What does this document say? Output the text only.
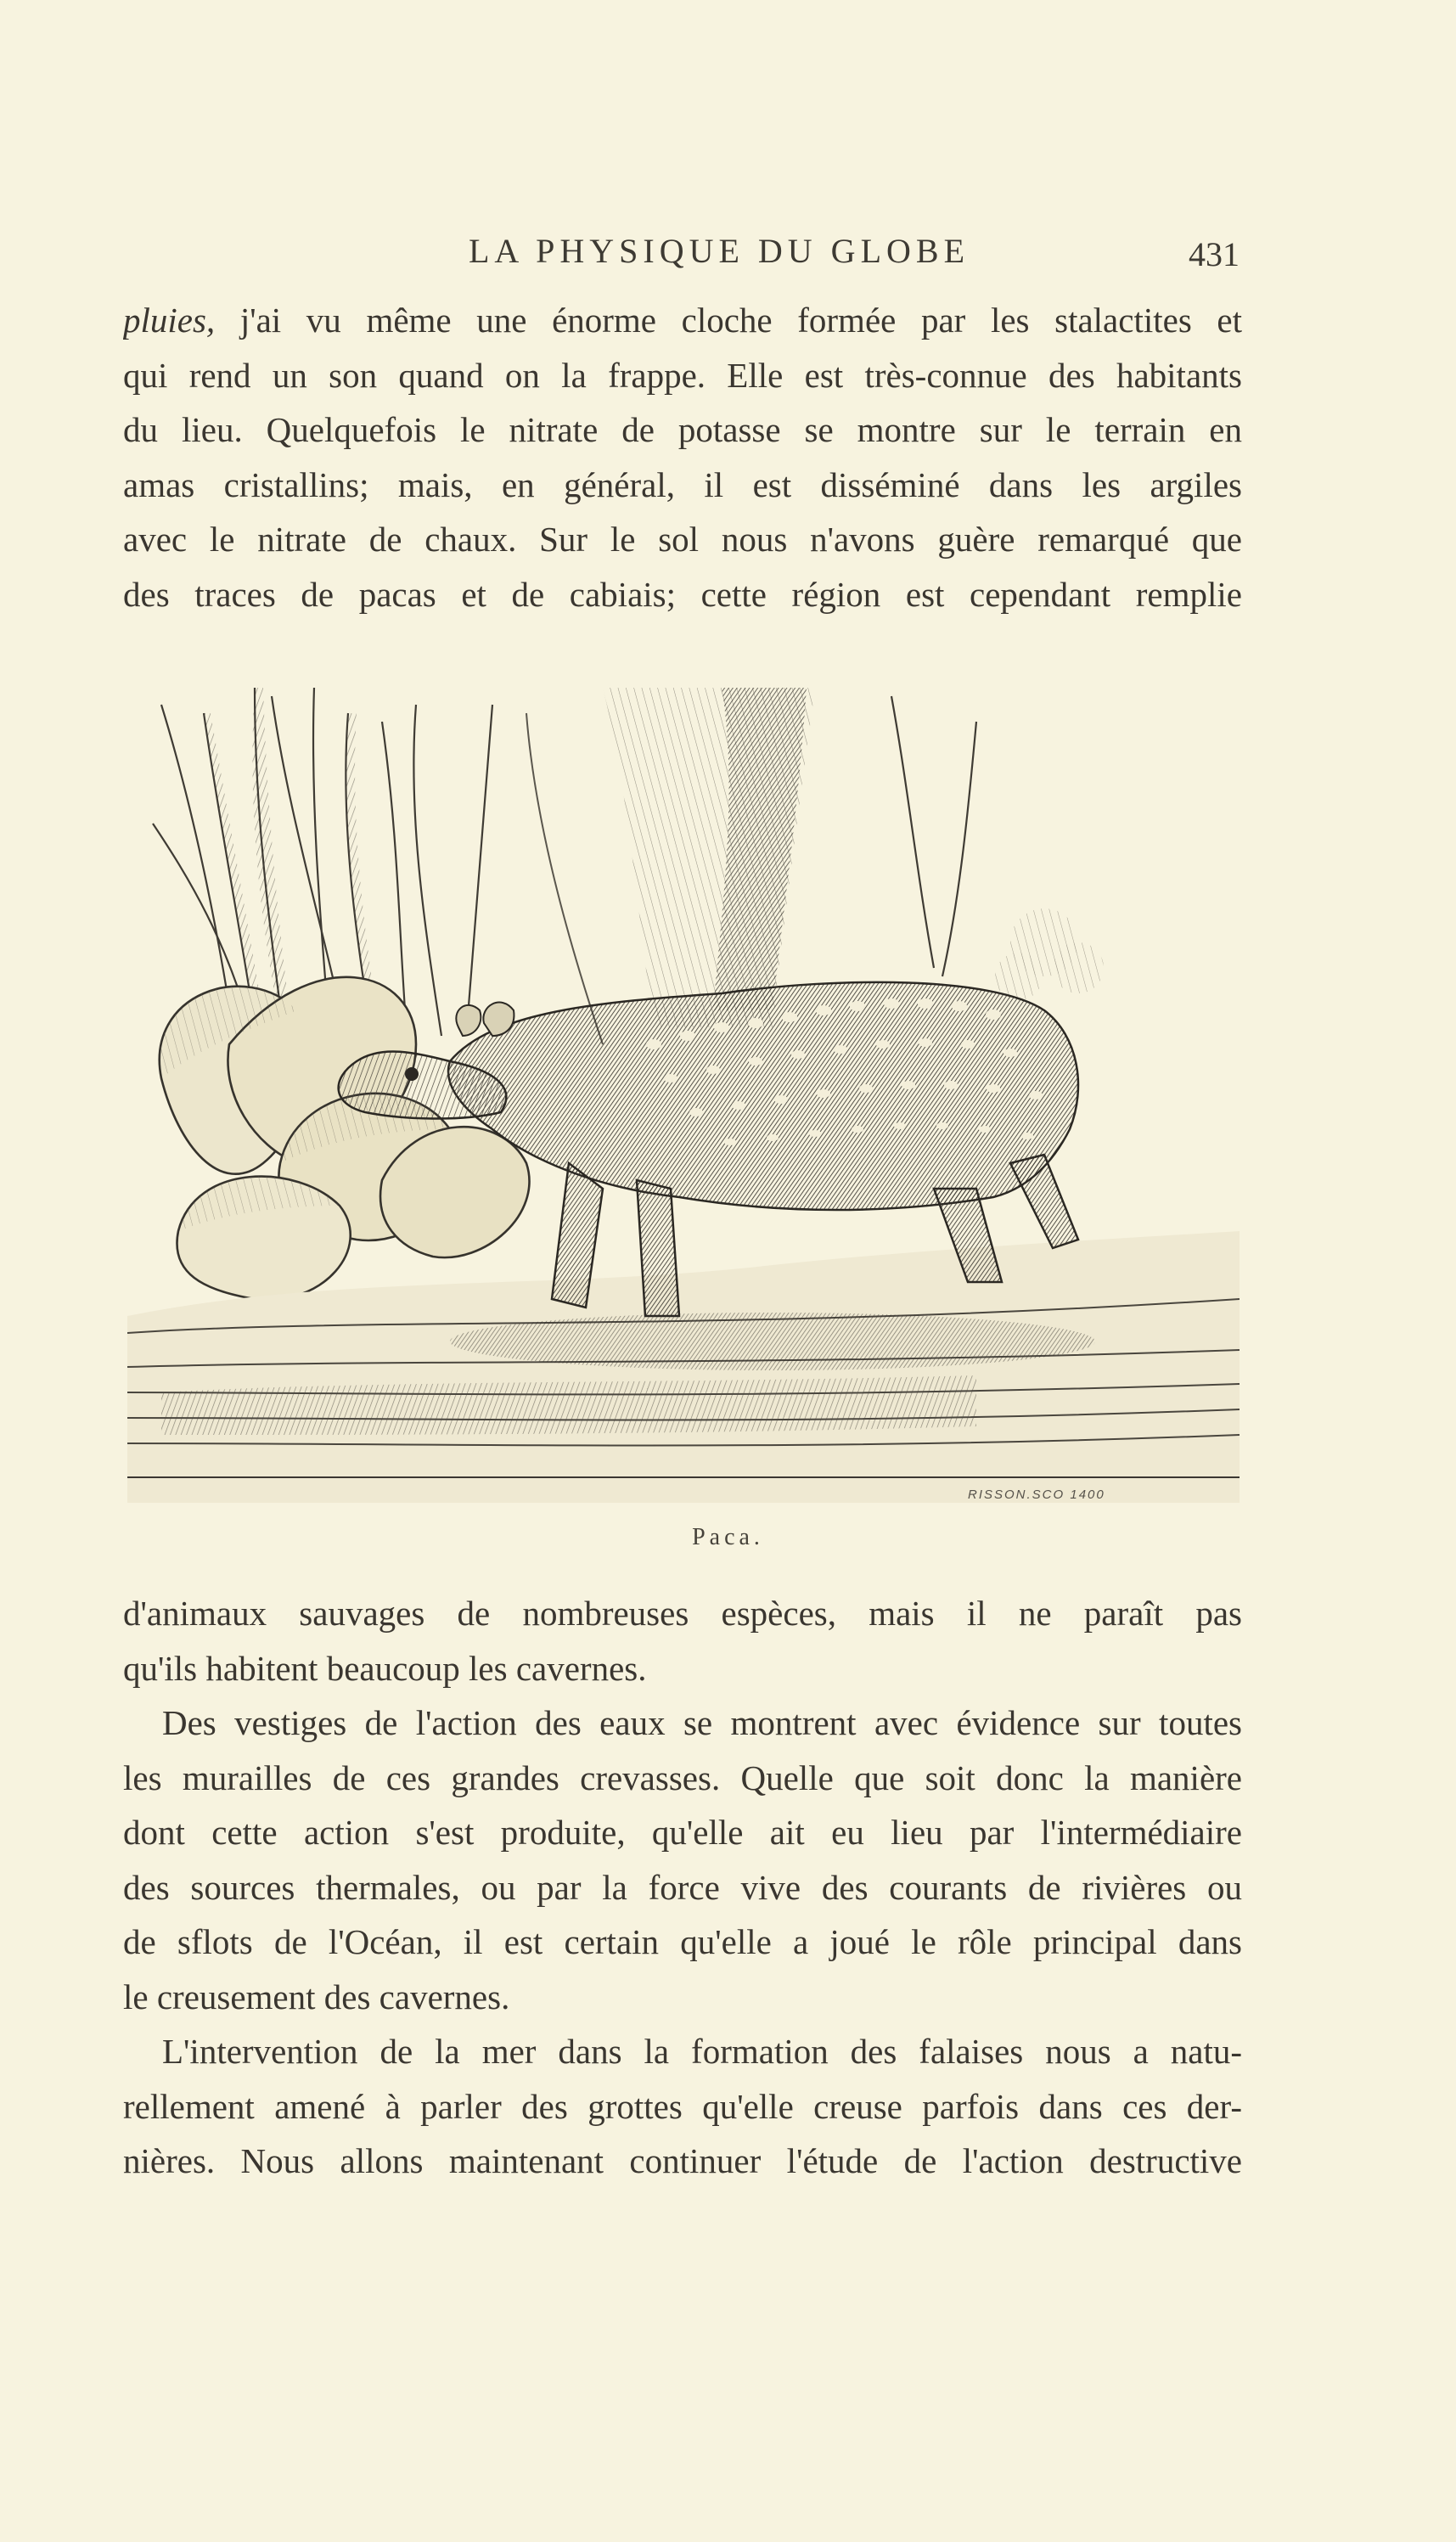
LA PHYSIQUE DU GLOBE	431
pluies, j'ai vu même une énorme cloche formée par les stalactites et
qui rend un son quand on la frappe. Elle est très-connue des habitants
du lieu. Quelquefois le nitrate de potasse se montre sur le terrain en
amas cristallins; mais, en général, il est disséminé dans les argiles
avec le nitrate de chaux. Sur le sol nous n'avons guère remarqué que
des traces de pacas et de cabiais; cette région est cependant remplie
RISSON.SCO 1400
Paca.
d'animaux sauvages de nombreuses espèces, mais il ne paraît pas
qu'ils habitent beaucoup les cavernes.
Des vestiges de l'action des eaux se montrent avec évidence sur toutes
les murailles de ces grandes crevasses. Quelle que soit donc la manière
dont cette action s'est produite, qu'elle ait eu lieu par l'intermédiaire
des sources thermales, ou par la force vive des courants de rivières ou
de sflots de l'Océan, il est certain qu'elle a joué le rôle principal dans
le creusement des cavernes.
L'intervention de la mer dans la formation des falaises nous a natu-
rellement amené à parler des grottes qu'elle creuse parfois dans ces der-
nières. Nous allons maintenant continuer l'étude de l'action destructive
